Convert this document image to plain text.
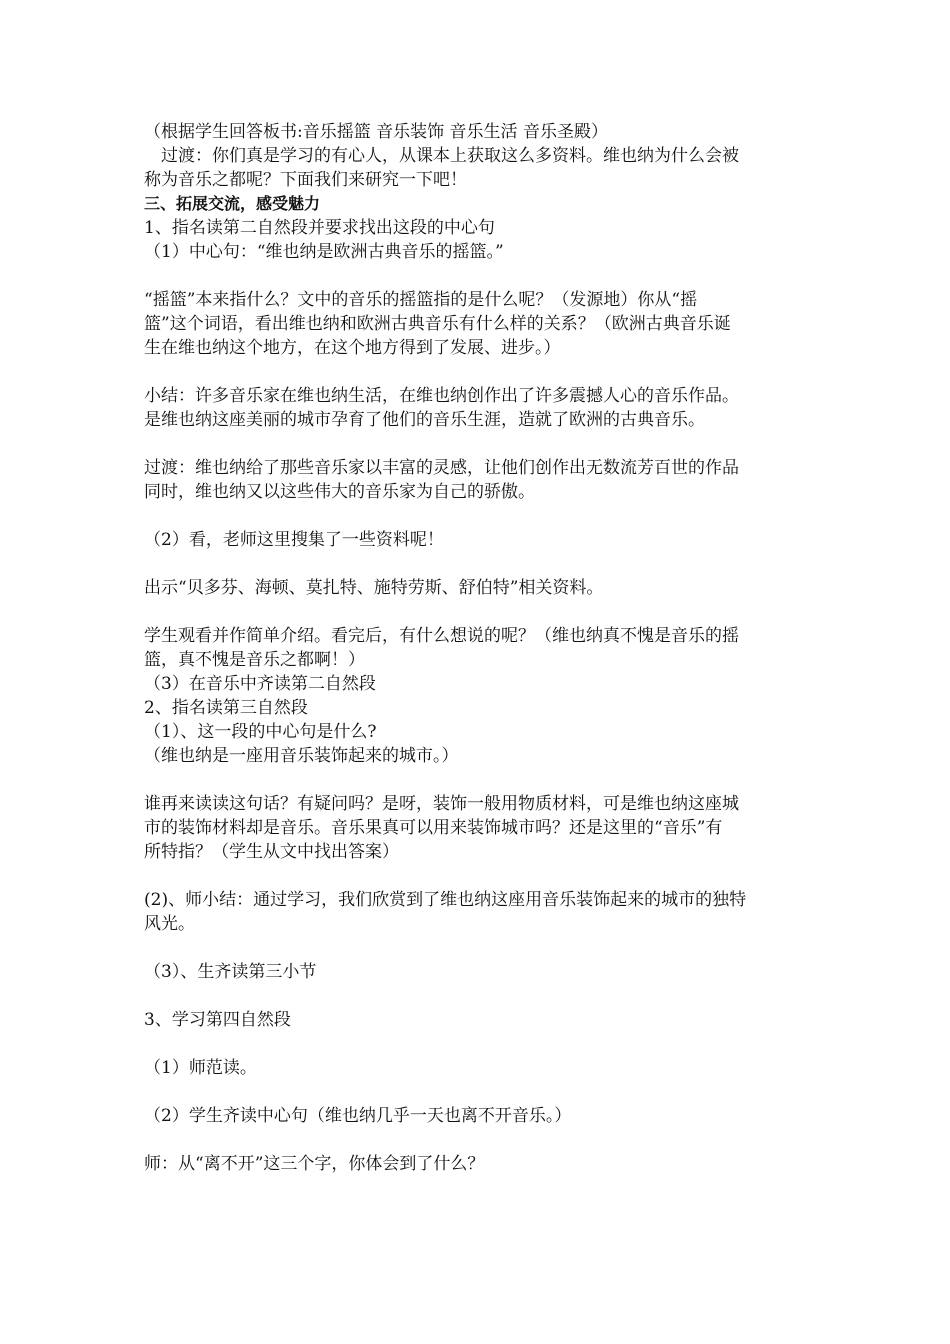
（根据学生回答板书:音乐摇篮 音乐装饰 音乐生活 音乐圣殿）
　过渡：你们真是学习的有心人，从课本上获取这么多资料。维也纳为什么会被
称为音乐之都呢？下面我们来研究一下吧！
三、拓展交流，感受魅力
1、指名读第二自然段并要求找出这段的中心句
（1）中心句：“维也纳是欧洲古典音乐的摇篮。”
“摇篮”本来指什么？文中的音乐的摇篮指的是什么呢？（发源地）你从“摇
篮”这个词语，看出维也纳和欧洲古典音乐有什么样的关系？（欧洲古典音乐诞
生在维也纳这个地方，在这个地方得到了发展、进步。）
小结：许多音乐家在维也纳生活，在维也纳创作出了许多震撼人心的音乐作品。
是维也纳这座美丽的城市孕育了他们的音乐生涯，造就了欧洲的古典音乐。
过渡：维也纳给了那些音乐家以丰富的灵感，让他们创作出无数流芳百世的作品
同时，维也纳又以这些伟大的音乐家为自己的骄傲。
（2）看，老师这里搜集了一些资料呢！
出示“贝多芬、海顿、莫扎特、施特劳斯、舒伯特”相关资料。
学生观看并作简单介绍。看完后，有什么想说的呢？（维也纳真不愧是音乐的摇
篮，真不愧是音乐之都啊！）
（3）在音乐中齐读第二自然段
2、指名读第三自然段
（1）、这一段的中心句是什么?
（维也纳是一座用音乐装饰起来的城市。）
谁再来读读这句话？有疑问吗？是呀，装饰一般用物质材料，可是维也纳这座城
市的装饰材料却是音乐。音乐果真可以用来装饰城市吗？还是这里的“音乐”有
所特指？（学生从文中找出答案）
(2)、师小结：通过学习，我们欣赏到了维也纳这座用音乐装饰起来的城市的独特
风光。
（3）、生齐读第三小节
3、学习第四自然段
（1）师范读。
（2）学生齐读中心句（维也纳几乎一天也离不开音乐。）
师：从“离不开”这三个字，你体会到了什么？
